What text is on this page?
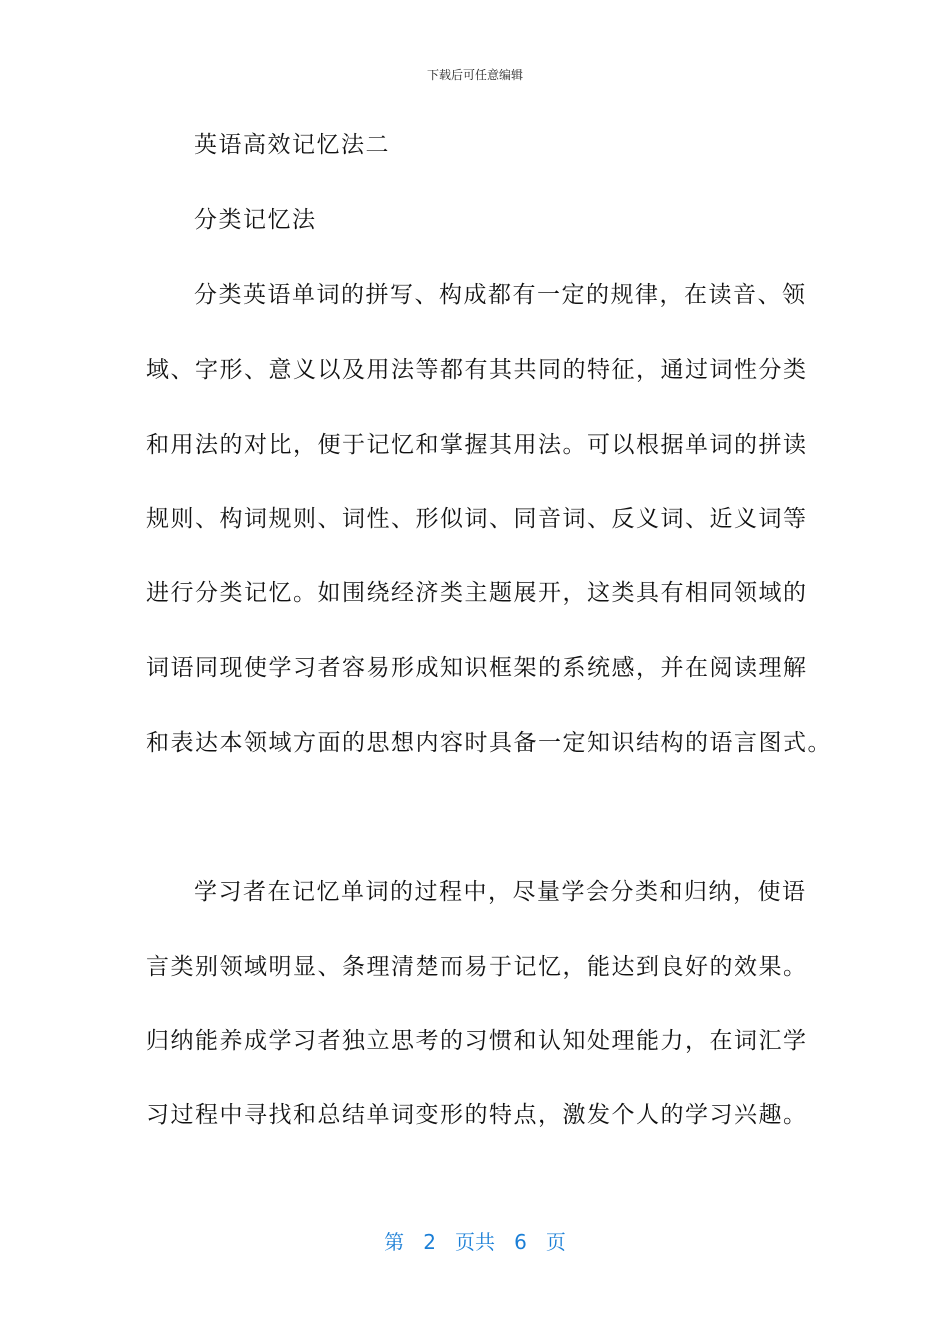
下载后可任意编辑
英语高效记忆法二
分类记忆法
分类英语单词的拼写、构成都有一定的规律，在读音、领
域、字形、意义以及用法等都有其共同的特征，通过词性分类
和用法的对比，便于记忆和掌握其用法。可以根据单词的拼读
规则、构词规则、词性、形似词、同音词、反义词、近义词等
进行分类记忆。如围绕经济类主题展开，这类具有相同领域的
词语同现使学习者容易形成知识框架的系统感，并在阅读理解
和表达本领域方面的思想内容时具备一定知识结构的语言图式。
学习者在记忆单词的过程中，尽量学会分类和归纳，使语
言类别领域明显、条理清楚而易于记忆，能达到良好的效果。
归纳能养成学习者独立思考的习惯和认知处理能力，在词汇学
习过程中寻找和总结单词变形的特点，激发个人的学习兴趣。
第 2 页共 6 页
